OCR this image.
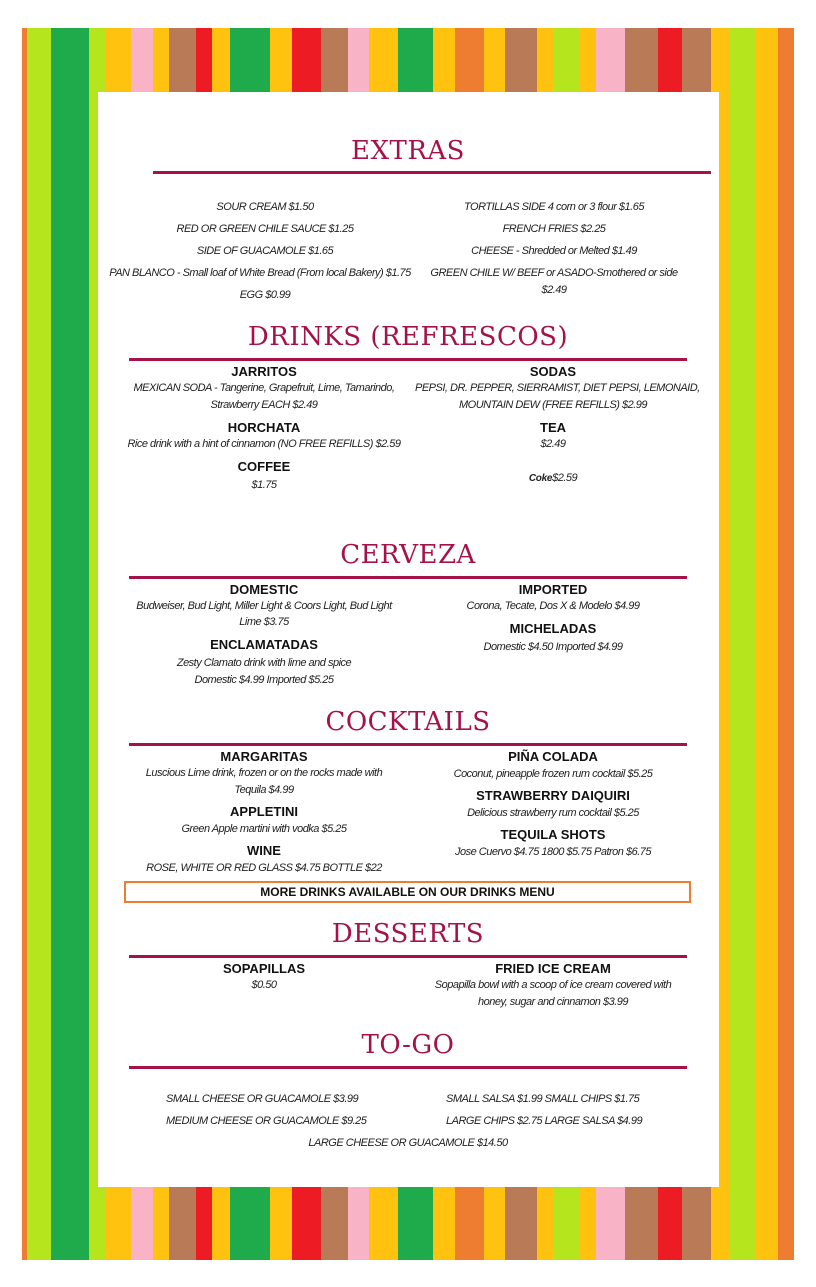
EXTRAS
SOUR CREAM $1.50
RED OR GREEN CHILE SAUCE $1.25
SIDE OF GUACAMOLE $1.65
PAN BLANCO - Small loaf of White Bread (From local Bakery) $1.75
EGG $0.99
TORTILLAS SIDE 4 corn or 3 flour $1.65
FRENCH FRIES $2.25
CHEESE - Shredded or Melted $1.49
GREEN CHILE W/ BEEF or ASADO-Smothered or side
$2.49
DRINKS (REFRESCOS)
JARRITOS
MEXICAN SODA - Tangerine, Grapefruit, Lime, Tamarindo,
Strawberry EACH $2.49
HORCHATA
Rice drink with a hint of cinnamon (NO FREE REFILLS) $2.59
COFFEE
$1.75
SODAS
PEPSI, DR. PEPPER, SIERRAMIST, DIET PEPSI, LEMONAID,
MOUNTAIN DEW (FREE REFILLS) $2.99
TEA
$2.49
Coke$2.59
CERVEZA
DOMESTIC
Budweiser, Bud Light, Miller Light & Coors Light, Bud Light
Lime $3.75
ENCLAMATADAS
Zesty Clamato drink with lime and spice
Domestic $4.99 Imported $5.25
IMPORTED
Corona, Tecate, Dos X & Modelo $4.99
MICHELADAS
Domestic $4.50 Imported $4.99
COCKTAILS
MARGARITAS
Luscious Lime drink, frozen or on the rocks made with
Tequila $4.99
APPLETINI
Green Apple martini with vodka $5.25
WINE
ROSE, WHITE OR RED GLASS $4.75 BOTTLE $22
PIÑA COLADA
Coconut, pineapple frozen rum cocktail $5.25
STRAWBERRY DAIQUIRI
Delicious strawberry rum cocktail $5.25
TEQUILA SHOTS
Jose Cuervo $4.75 1800 $5.75 Patron $6.75
MORE DRINKS AVAILABLE ON OUR DRINKS MENU
DESSERTS
SOPAPILLAS
$0.50
FRIED ICE CREAM
Sopapilla bowl with a scoop of ice cream covered with
honey, sugar and cinnamon $3.99
TO-GO
SMALL CHEESE OR GUACAMOLE $3.99
MEDIUM CHEESE OR GUACAMOLE $9.25
SMALL SALSA $1.99 SMALL CHIPS $1.75
LARGE CHIPS $2.75 LARGE SALSA $4.99
LARGE CHEESE OR GUACAMOLE $14.50
